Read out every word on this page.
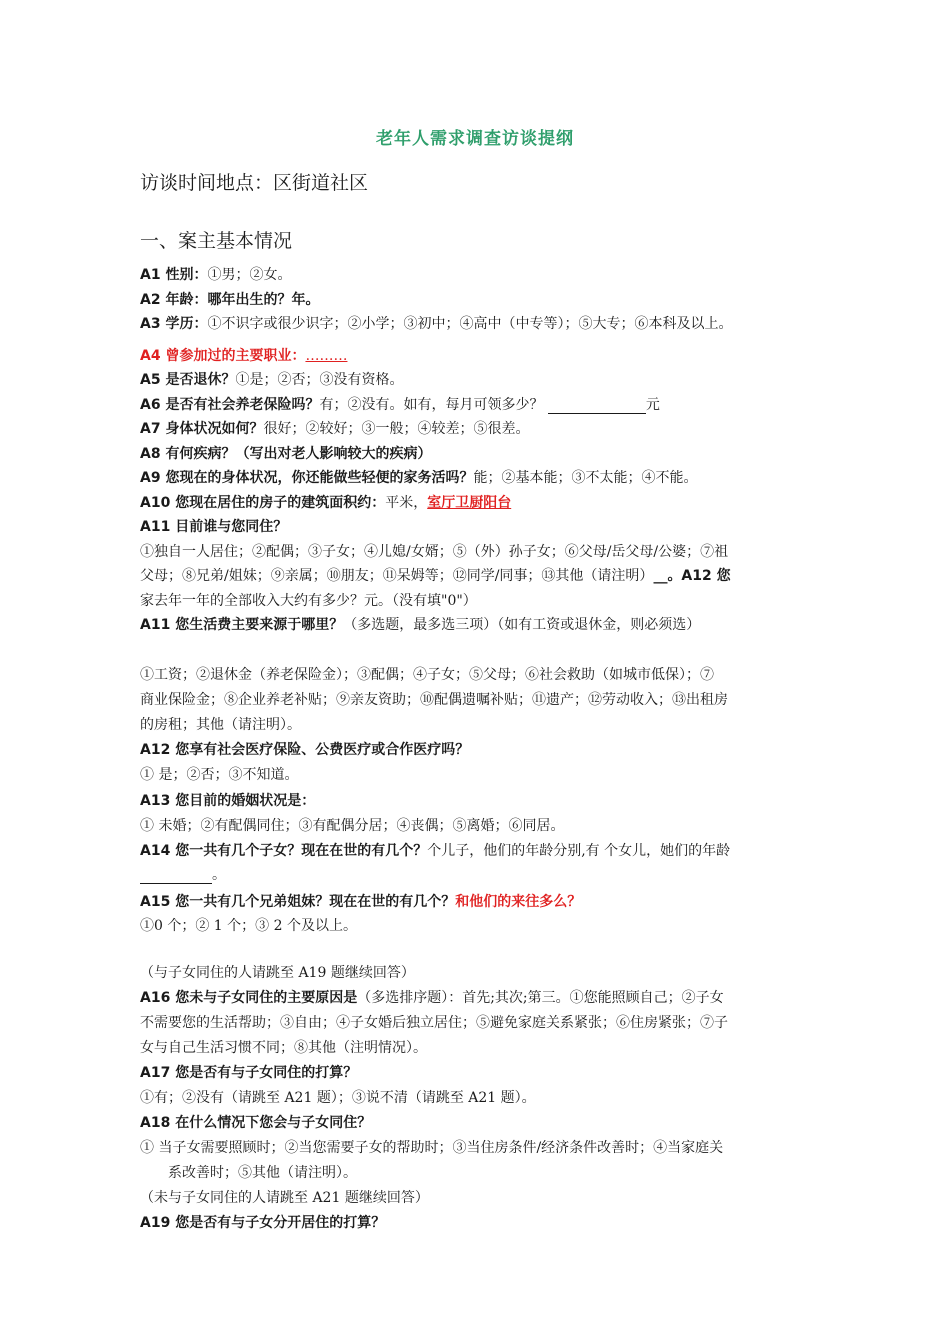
老年人需求调查访谈提纲
访谈时间地点：区街道社区
一、案主基本情况
A1 性别：①男；②女。
A2 年龄：哪年出生的？年。
A3 学历：①不识字或很少识字；②小学；③初中；④高中（中专等）；⑤大专；⑥本科及以上。
A4 曾参加过的主要职业：………
A5 是否退休？①是；②否；③没有资格。
A6 是否有社会养老保险吗？有；②没有。如有，每月可领多少？	元
A7 身体状况如何？很好；②较好；③一般；④较差；⑤很差。
A8 有何疾病？（写出对老人影响较大的疾病）
A9 您现在的身体状况，你还能做些轻便的家务活吗？能；②基本能；③不太能；④不能。
A10 您现在居住的房子的建筑面积约：平米，室厅卫厨阳台
A11 目前谁与您同住？
①独自一人居住；②配偶；③子女；④儿媳/女婿；⑤（外）孙子女；⑥父母/岳父母/公婆；⑦祖
父母；⑧兄弟/姐妹；⑨亲属；⑩朋友；⑪呆姆等；⑫同学/同事；⑬其他（请注明）__。A12 您
家去年一年的全部收入大约有多少？元。（没有填"0"）
A11 您生活费主要来源于哪里？（多选题，最多选三项）（如有工资或退休金，则必须选）
①工资；②退休金（养老保险金）；③配偶；④子女；⑤父母；⑥社会救助（如城市低保）；⑦
商业保险金；⑧企业养老补贴；⑨亲友资助；⑩配偶遗嘱补贴；⑪遗产；⑫劳动收入；⑬出租房
的房租；其他（请注明）。
A12 您享有社会医疗保险、公费医疗或合作医疗吗？
① 是；②否；③不知道。
A13 您目前的婚姻状况是：
① 未婚；②有配偶同住；③有配偶分居；④丧偶；⑤离婚；⑥同居。
A14 您一共有几个子女？现在在世的有几个？个儿子，他们的年龄分别,有 个女儿，她们的年龄
。
A15 您一共有几个兄弟姐妹？现在在世的有几个？和他们的来往多么？
①0 个；② 1 个；③ 2 个及以上。
（与子女同住的人请跳至 A19 题继续回答）
A16 您未与子女同住的主要原因是（多选排序题）：首先;其次;第三。①您能照顾自己；②子女
不需要您的生活帮助；③自由；④子女婚后独立居住；⑤避免家庭关系紧张；⑥住房紧张；⑦子
女与自己生活习惯不同；⑧其他（注明情况）。
A17 您是否有与子女同住的打算？
①有；②没有（请跳至 A21 题）；③说不清（请跳至 A21 题）。
A18 在什么情况下您会与子女同住？
① 当子女需要照顾时；②当您需要子女的帮助时；③当住房条件/经济条件改善时；④当家庭关
系改善时；⑤其他（请注明）。
（未与子女同住的人请跳至 A21 题继续回答）
A19 您是否有与子女分开居住的打算？
